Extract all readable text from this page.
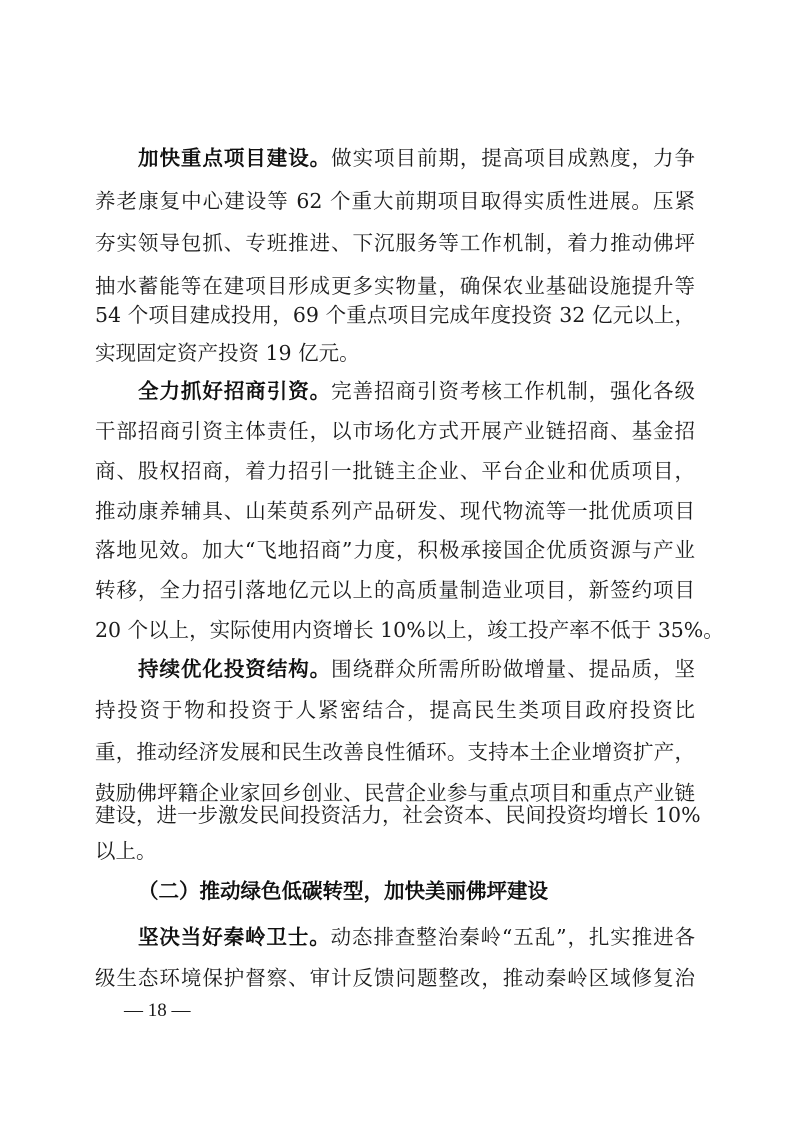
加快重点项目建设。做实项目前期，提高项目成熟度，力争
养老康复中心建设等 62 个重大前期项目取得实质性进展。压紧
夯实领导包抓、专班推进、下沉服务等工作机制，着力推动佛坪
抽水蓄能等在建项目形成更多实物量，确保农业基础设施提升等
54 个项目建成投用，69 个重点项目完成年度投资 32 亿元以上，
实现固定资产投资 19 亿元。
全力抓好招商引资。完善招商引资考核工作机制，强化各级
干部招商引资主体责任，以市场化方式开展产业链招商、基金招
商、股权招商，着力招引一批链主企业、平台企业和优质项目，
推动康养辅具、山茱萸系列产品研发、现代物流等一批优质项目
落地见效。加大“飞地招商”力度，积极承接国企优质资源与产业
转移，全力招引落地亿元以上的高质量制造业项目，新签约项目
20 个以上，实际使用内资增长 10%以上，竣工投产率不低于 35%。
持续优化投资结构。围绕群众所需所盼做增量、提品质，坚
持投资于物和投资于人紧密结合，提高民生类项目政府投资比
重，推动经济发展和民生改善良性循环。支持本土企业增资扩产，
鼓励佛坪籍企业家回乡创业、民营企业参与重点项目和重点产业链
建设，进一步激发民间投资活力，社会资本、民间投资均增长 10%
以上。
（二）推动绿色低碳转型，加快美丽佛坪建设
坚决当好秦岭卫士。动态排查整治秦岭“五乱”，扎实推进各
级生态环境保护督察、审计反馈问题整改，推动秦岭区域修复治
— 18 —
